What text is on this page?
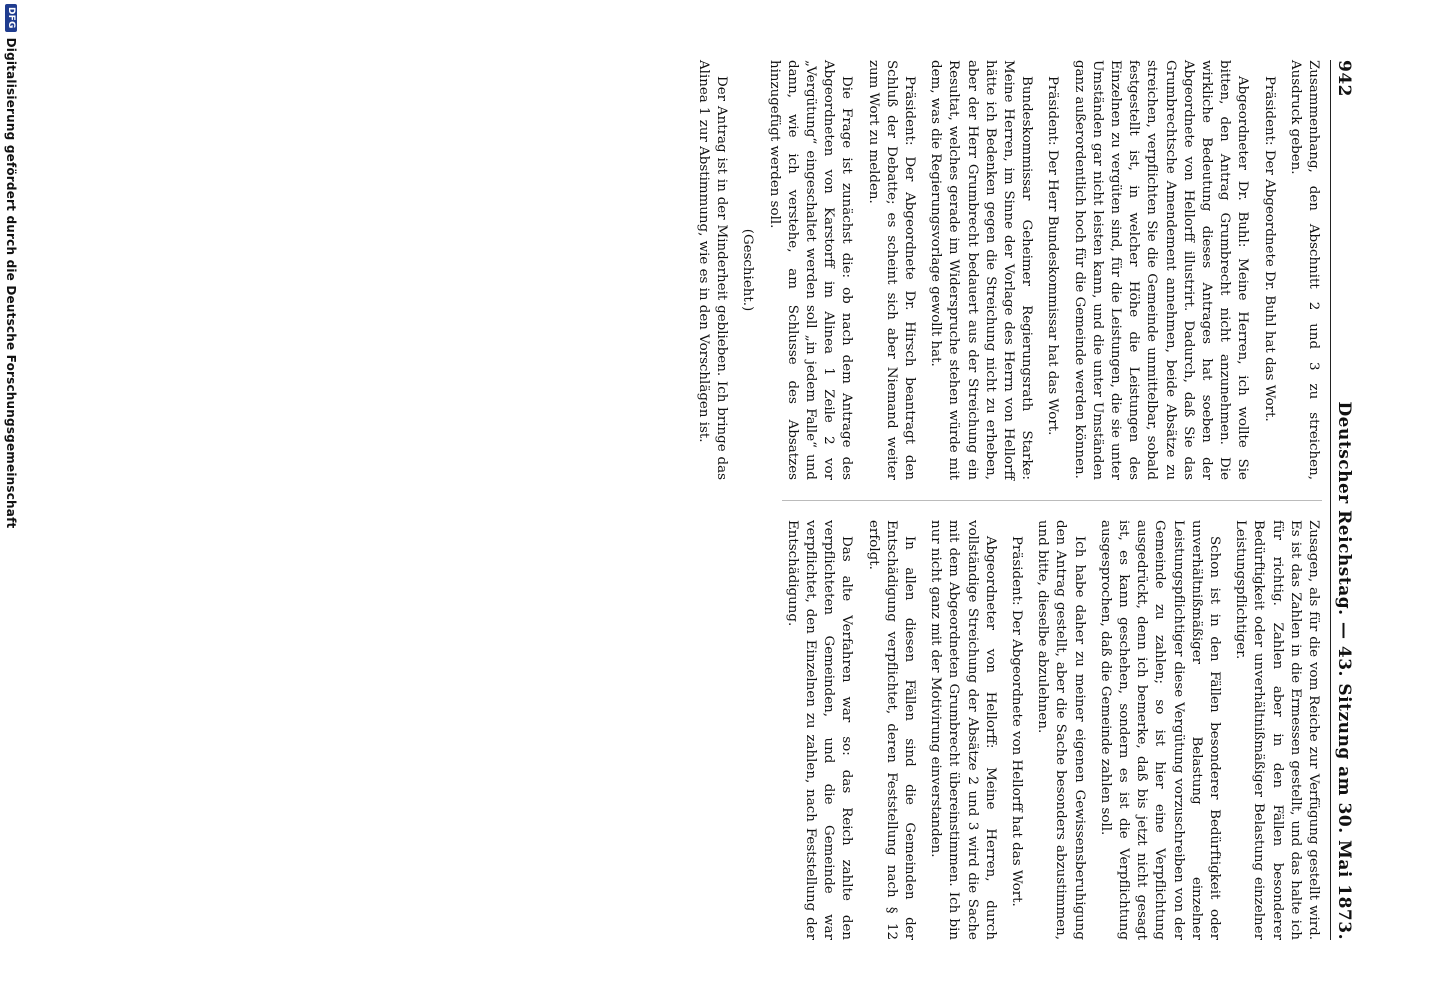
942
Deutscher Reichstag. — 43. Sitzung am 30. Mai 1873.

Zusammenhang, den Abschnitt 2 und 3 zu streichen, Ausdruck geben.

Präsident: Der Abgeordnete Dr. Buhl hat das Wort.

Abgeordneter Dr. Buhl: Meine Herren, ich wollte Sie bitten, den Antrag Grumbrecht nicht anzunehmen. Die wirkliche Bedeutung dieses Antrages hat soeben der Abgeordnete von Hellorff illustrirt. Dadurch, daß Sie das Grumbrechtsche Amendement annehmen, beide Absätze zu streichen, verpflichten Sie die Gemeinde unmittelbar, sobald festgestellt ist, in welcher Höhe die Leistungen des Einzelnen zu vergüten sind, für die Leistungen, die sie unter Umständen gar nicht leisten kann, und die unter Umständen ganz außerordentlich hoch für die Gemeinde werden können.

Präsident: Der Herr Bundeskommissar hat das Wort.

Bundeskommissar Geheimer Regierungsrath Starke: Meine Herren, im Sinne der Vorlage des Herrn von Hellorff hätte ich Bedenken gegen die Streichung nicht zu erheben, aber der Herr Grumbrecht bedauert aus der Streichung ein Resultat, welches gerade im Widerspruche stehen würde mit dem, was die Regierungsvorlage gewollt hat.

Präsident: Der Abgeordnete Dr. Hirsch beantragt den Schluß der Debatte; es scheint sich aber Niemand weiter zum Wort zu melden.

Die Frage ist zunächst die: ob nach dem Antrage des Abgeordneten von Karstorff im Alinea 1 Zeile 2 vor „Vergütung“ eingeschaltet werden soll „in jedem Falle“ und dann, wie ich verstehe, am Schlusse des Absatzes hinzugefügt werden soll.

(Geschieht.)

Der Antrag ist in der Minderheit geblieben. Ich bringe das Alinea 1 zur Abstimmung, wie es in den Vorschlägen ist.

Zusagen, als für die vom Reiche zur Verfügung gestellt wird. Es ist das Zahlen in die Ermessen gestellt, und das halte ich für richtig. Zahlen aber in den Fällen besonderer Bedürftigkeit oder unverhältnißmäßiger Belastung einzelner Leistungspflichtiger.

Schon ist in den Fällen besonderer Bedürftigkeit oder unverhältnißmäßiger Belastung einzelner Leistungspflichtiger diese Vergütung vorzuschreiben von der Gemeinde zu zahlen; so ist hier eine Verpflichtung ausgedrückt, denn ich bemerke, daß bis jetzt nicht gesagt ist, es kann geschehen, sondern es ist die Verpflichtung ausgesprochen, daß die Gemeinde zahlen soll.

Ich habe daher zu meiner eigenen Gewissensberuhigung den Antrag gestellt, aber die Sache besonders abzustimmen, und bitte, dieselbe abzulehnen.

Präsident: Der Abgeordnete von Hellorff hat das Wort.

Abgeordneter von Hellorff: Meine Herren, durch vollständige Streichung der Absätze 2 und 3 wird die Sache mit dem Abgeordneten Grumbrecht übereinstimmen. Ich bin nur nicht ganz mit der Motivirung einverstanden.

In allen diesen Fällen sind die Gemeinden der Entschädigung verpflichtet, deren Feststellung nach § 12 erfolgt.

Das alte Verfahren war so: das Reich zahlte den verpflichteten Gemeinden, und die Gemeinde war verpflichtet, den Einzelnen zu zahlen, nach Feststellung der Entschädigung.

DFG
Digitalisierung gefördert durch die Deutsche Forschungsgemeinschaft
